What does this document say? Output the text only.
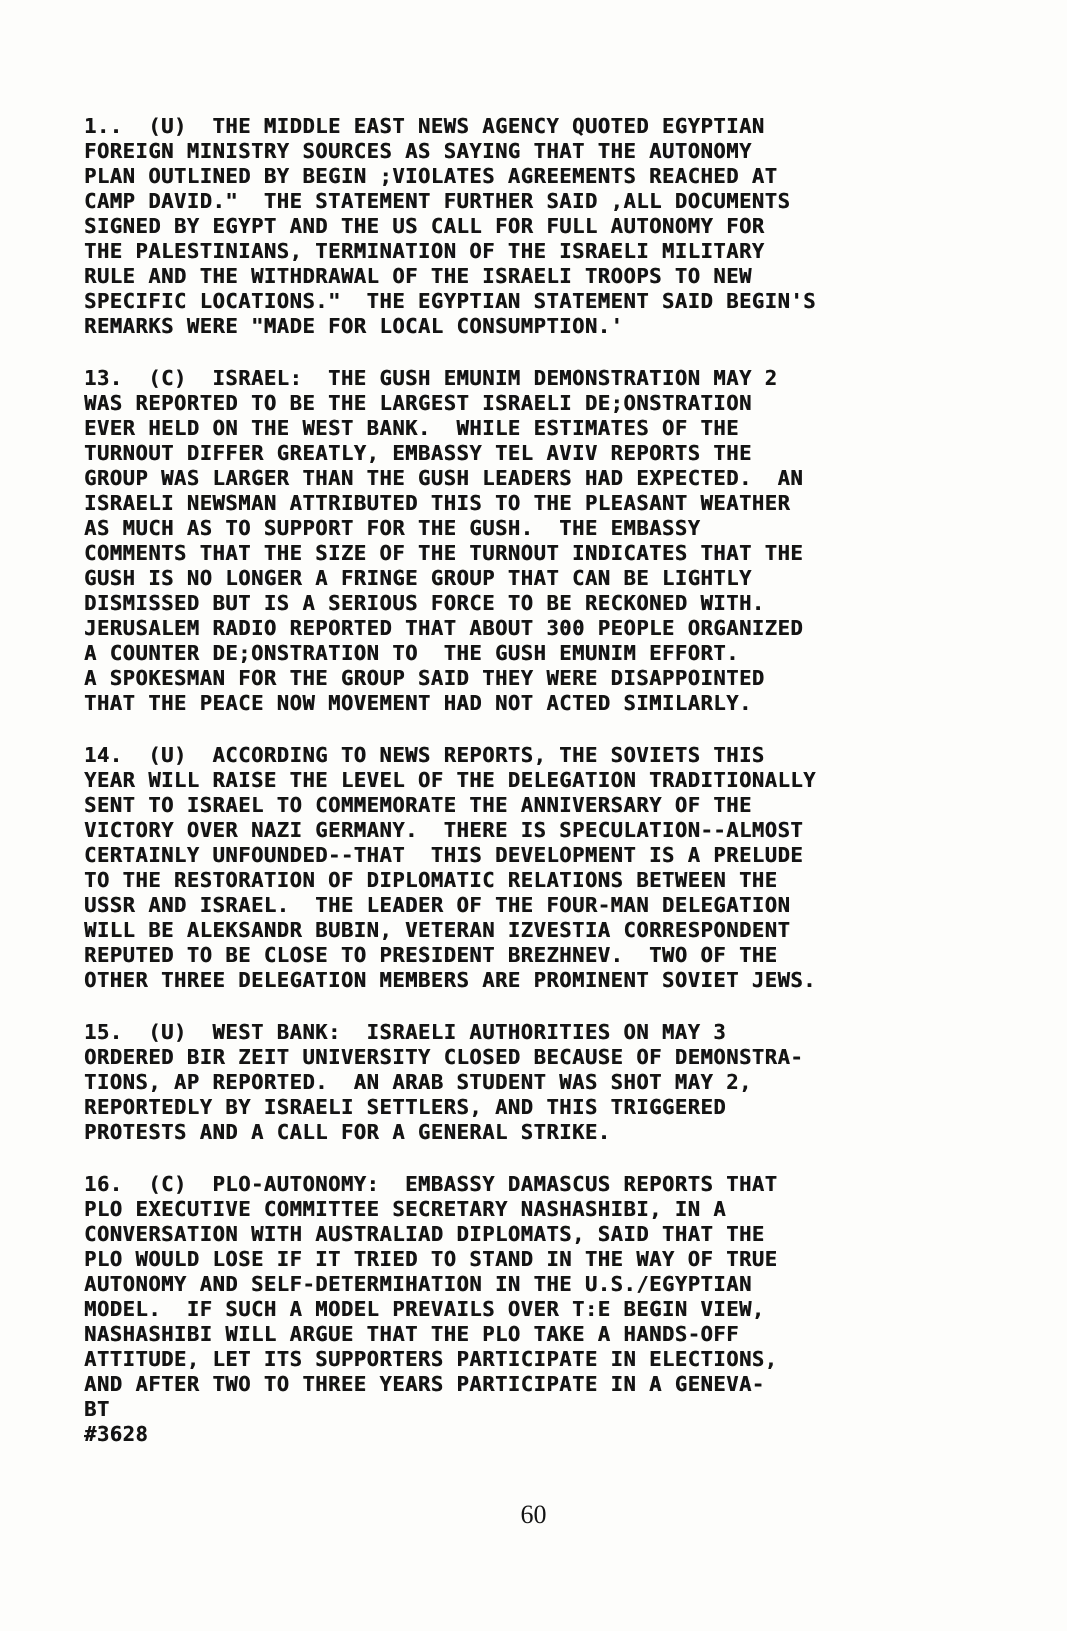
1..  (U)  THE MIDDLE EAST NEWS AGENCY QUOTED EGYPTIAN
FOREIGN MINISTRY SOURCES AS SAYING THAT THE AUTONOMY
PLAN OUTLINED BY BEGIN ;VIOLATES AGREEMENTS REACHED AT
CAMP DAVID."  THE STATEMENT FURTHER SAID ,ALL DOCUMENTS
SIGNED BY EGYPT AND THE US CALL FOR FULL AUTONOMY FOR
THE PALESTINIANS, TERMINATION OF THE ISRAELI MILITARY
RULE AND THE WITHDRAWAL OF THE ISRAELI TROOPS TO NEW
SPECIFIC LOCATIONS."  THE EGYPTIAN STATEMENT SAID BEGIN'S
REMARKS WERE "MADE FOR LOCAL CONSUMPTION.'
13.  (C)  ISRAEL:  THE GUSH EMUNIM DEMONSTRATION MAY 2
WAS REPORTED TO BE THE LARGEST ISRAELI DE;ONSTRATION
EVER HELD ON THE WEST BANK.  WHILE ESTIMATES OF THE
TURNOUT DIFFER GREATLY, EMBASSY TEL AVIV REPORTS THE
GROUP WAS LARGER THAN THE GUSH LEADERS HAD EXPECTED.  AN
ISRAELI NEWSMAN ATTRIBUTED THIS TO THE PLEASANT WEATHER
AS MUCH AS TO SUPPORT FOR THE GUSH.  THE EMBASSY
COMMENTS THAT THE SIZE OF THE TURNOUT INDICATES THAT THE
GUSH IS NO LONGER A FRINGE GROUP THAT CAN BE LIGHTLY
DISMISSED BUT IS A SERIOUS FORCE TO BE RECKONED WITH.
JERUSALEM RADIO REPORTED THAT ABOUT 300 PEOPLE ORGANIZED
A COUNTER DE;ONSTRATION TO  THE GUSH EMUNIM EFFORT.
A SPOKESMAN FOR THE GROUP SAID THEY WERE DISAPPOINTED
THAT THE PEACE NOW MOVEMENT HAD NOT ACTED SIMILARLY.
14.  (U)  ACCORDING TO NEWS REPORTS, THE SOVIETS THIS
YEAR WILL RAISE THE LEVEL OF THE DELEGATION TRADITIONALLY
SENT TO ISRAEL TO COMMEMORATE THE ANNIVERSARY OF THE
VICTORY OVER NAZI GERMANY.  THERE IS SPECULATION--ALMOST
CERTAINLY UNFOUNDED--THAT  THIS DEVELOPMENT IS A PRELUDE
TO THE RESTORATION OF DIPLOMATIC RELATIONS BETWEEN THE
USSR AND ISRAEL.  THE LEADER OF THE FOUR-MAN DELEGATION
WILL BE ALEKSANDR BUBIN, VETERAN IZVESTIA CORRESPONDENT
REPUTED TO BE CLOSE TO PRESIDENT BREZHNEV.  TWO OF THE
OTHER THREE DELEGATION MEMBERS ARE PROMINENT SOVIET JEWS.
15.  (U)  WEST BANK:  ISRAELI AUTHORITIES ON MAY 3
ORDERED BIR ZEIT UNIVERSITY CLOSED BECAUSE OF DEMONSTRA-
TIONS, AP REPORTED.  AN ARAB STUDENT WAS SHOT MAY 2,
REPORTEDLY BY ISRAELI SETTLERS, AND THIS TRIGGERED
PROTESTS AND A CALL FOR A GENERAL STRIKE.
16.  (C)  PLO-AUTONOMY:  EMBASSY DAMASCUS REPORTS THAT
PLO EXECUTIVE COMMITTEE SECRETARY NASHASHIBI, IN A
CONVERSATION WITH AUSTRALIAD DIPLOMATS, SAID THAT THE
PLO WOULD LOSE IF IT TRIED TO STAND IN THE WAY OF TRUE
AUTONOMY AND SELF-DETERMIHATION IN THE U.S./EGYPTIAN
MODEL.  IF SUCH A MODEL PREVAILS OVER T:E BEGIN VIEW,
NASHASHIBI WILL ARGUE THAT THE PLO TAKE A HANDS-OFF
ATTITUDE, LET ITS SUPPORTERS PARTICIPATE IN ELECTIONS,
AND AFTER TWO TO THREE YEARS PARTICIPATE IN A GENEVA-
BT
#3628
60
